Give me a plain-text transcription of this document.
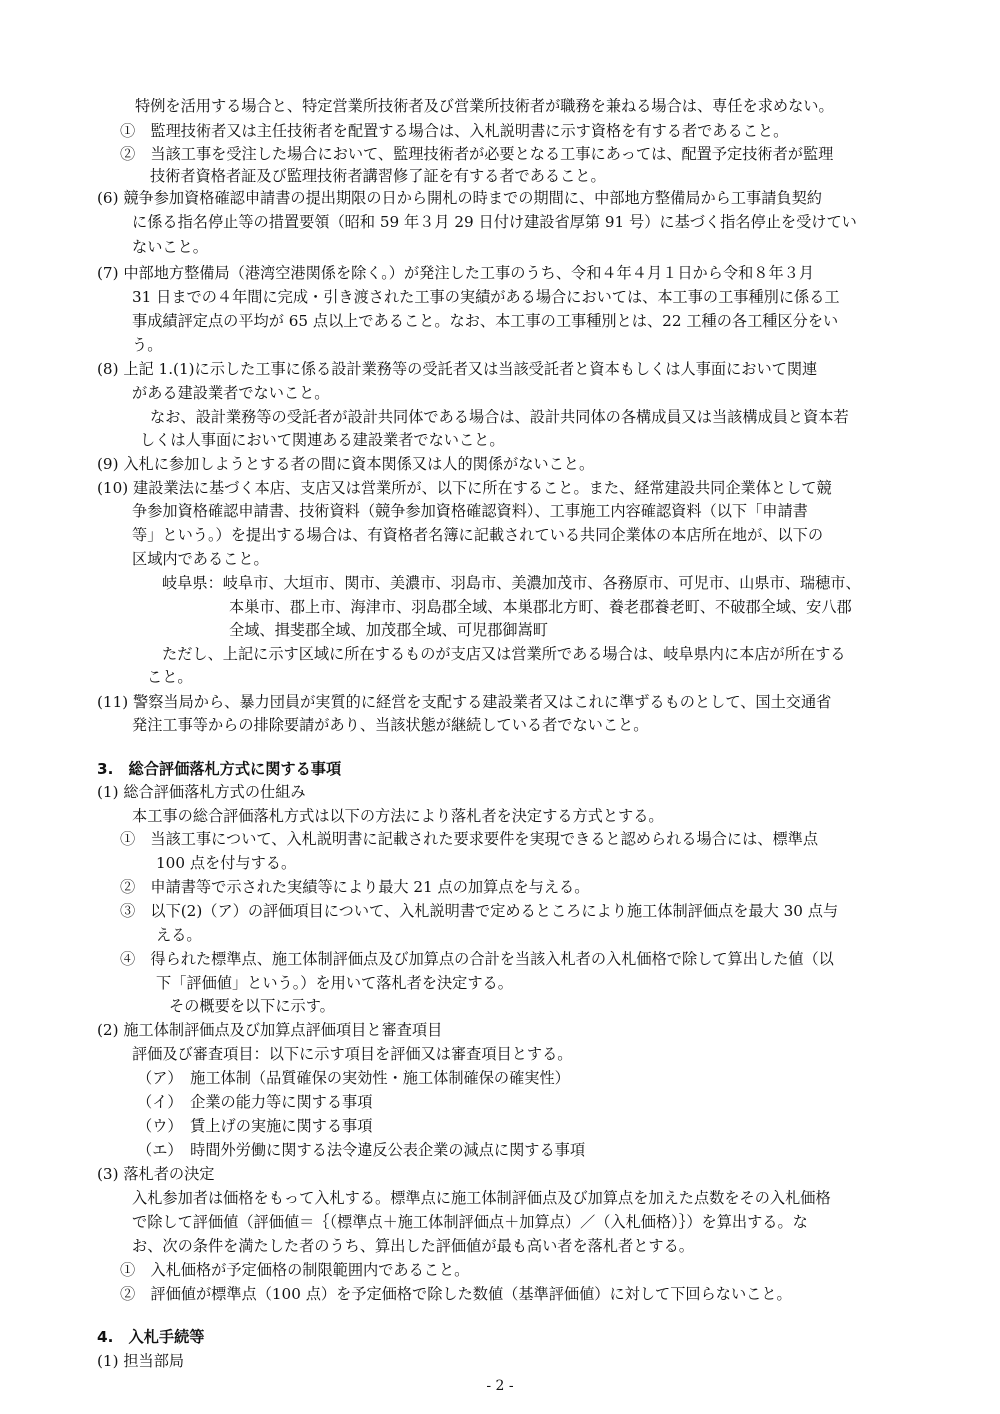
特例を活用する場合と、特定営業所技術者及び営業所技術者が職務を兼ねる場合は、専任を求めない。
①　監理技術者又は主任技術者を配置する場合は、入札説明書に示す資格を有する者であること。
②　当該工事を受注した場合において、監理技術者が必要となる工事にあっては、配置予定技術者が監理
技術者資格者証及び監理技術者講習修了証を有する者であること。
(6) 競争参加資格確認申請書の提出期限の日から開札の時までの期間に、中部地方整備局から工事請負契約
に係る指名停止等の措置要領（昭和 59 年３月 29 日付け建設省厚第 91 号）に基づく指名停止を受けてい
ないこと。
(7) 中部地方整備局（港湾空港関係を除く。）が発注した工事のうち、令和４年４月１日から令和８年３月
31 日までの４年間に完成・引き渡された工事の実績がある場合においては、本工事の工事種別に係る工
事成績評定点の平均が 65 点以上であること。なお、本工事の工事種別とは、22 工種の各工種区分をい
う。
(8) 上記 1.(1)に示した工事に係る設計業務等の受託者又は当該受託者と資本もしくは人事面において関連
がある建設業者でないこと。
なお、設計業務等の受託者が設計共同体である場合は、設計共同体の各構成員又は当該構成員と資本若
しくは人事面において関連ある建設業者でないこと。
(9) 入札に参加しようとする者の間に資本関係又は人的関係がないこと。
(10) 建設業法に基づく本店、支店又は営業所が、以下に所在すること。また、経常建設共同企業体として競
争参加資格確認申請書、技術資料（競争参加資格確認資料）、工事施工内容確認資料（以下「申請書
等」という。）を提出する場合は、有資格者名簿に記載されている共同企業体の本店所在地が、以下の
区域内であること。
岐阜県：岐阜市、大垣市、関市、美濃市、羽島市、美濃加茂市、各務原市、可児市、山県市、瑞穂市、
本巣市、郡上市、海津市、羽島郡全域、本巣郡北方町、養老郡養老町、不破郡全域、安八郡
全域、揖斐郡全域、加茂郡全域、可児郡御嵩町
ただし、上記に示す区域に所在するものが支店又は営業所である場合は、岐阜県内に本店が所在する
こと。
(11) 警察当局から、暴力団員が実質的に経営を支配する建設業者又はこれに準ずるものとして、国土交通省
発注工事等からの排除要請があり、当該状態が継続している者でないこと。
3.　総合評価落札方式に関する事項
(1) 総合評価落札方式の仕組み
本工事の総合評価落札方式は以下の方法により落札者を決定する方式とする。
①　当該工事について、入札説明書に記載された要求要件を実現できると認められる場合には、標準点
100 点を付与する。
②　申請書等で示された実績等により最大 21 点の加算点を与える。
③　以下(2)（ア）の評価項目について、入札説明書で定めるところにより施工体制評価点を最大 30 点与
える。
④　得られた標準点、施工体制評価点及び加算点の合計を当該入札者の入札価格で除して算出した値（以
下「評価値」という。）を用いて落札者を決定する。
その概要を以下に示す。
(2) 施工体制評価点及び加算点評価項目と審査項目
評価及び審査項目：以下に示す項目を評価又は審査項目とする。
（ア）　施工体制（品質確保の実効性・施工体制確保の確実性）
（イ）　企業の能力等に関する事項
（ウ）　賃上げの実施に関する事項
（エ）　時間外労働に関する法令違反公表企業の減点に関する事項
(3) 落札者の決定
入札参加者は価格をもって入札する。標準点に施工体制評価点及び加算点を加えた点数をその入札価格
で除して評価値（評価値＝｛（標準点＋施工体制評価点＋加算点）／（入札価格）｝）を算出する。な
お、次の条件を満たした者のうち、算出した評価値が最も高い者を落札者とする。
①　入札価格が予定価格の制限範囲内であること。
②　評価値が標準点（100 点）を予定価格で除した数値（基準評価値）に対して下回らないこと。
4.　入札手続等
(1) 担当部局
- 2 -
